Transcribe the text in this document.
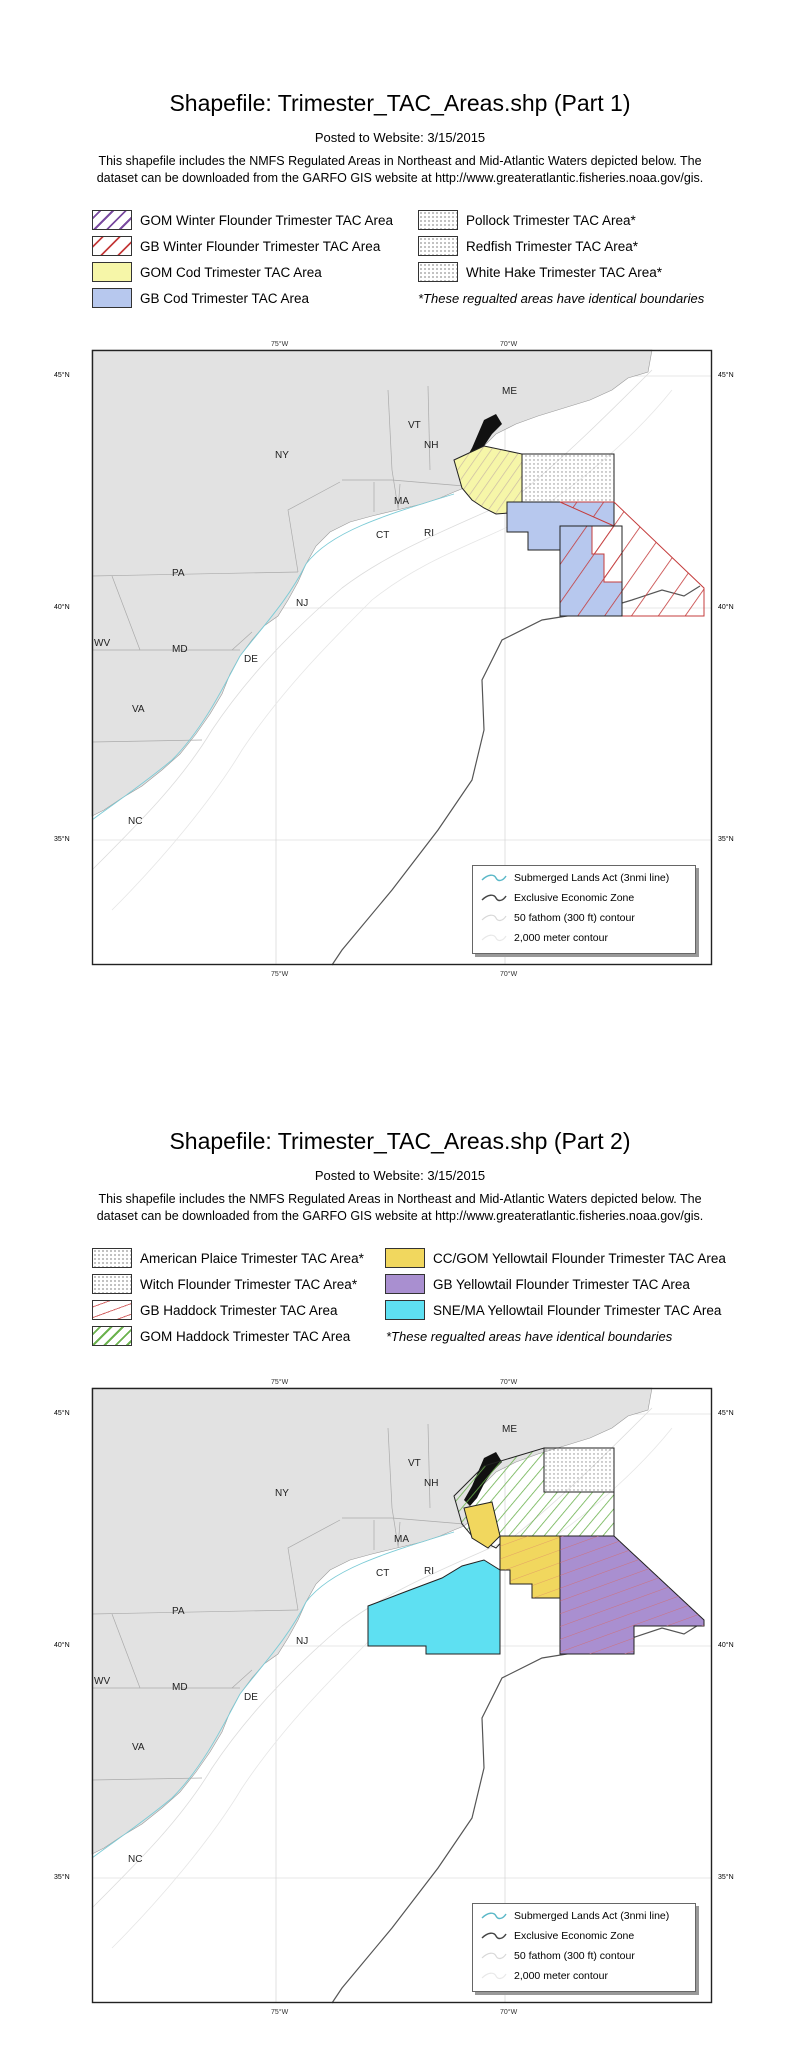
Shapefile: Trimester_TAC_Areas.shp (Part 1)
Posted to Website: 3/15/2015
This shapefile includes the NMFS Regulated Areas in Northeast and Mid-Atlantic Waters depicted below. The
dataset can be downloaded from the GARFO GIS website at http://www.greateratlantic.fisheries.noaa.gov/gis.
GOM Winter Flounder Trimester TAC Area
GB Winter Flounder Trimester TAC Area
GOM Cod Trimester TAC Area
GB Cod Trimester TAC Area
Pollock Trimester TAC Area*
Redfish Trimester TAC Area*
White Hake Trimester TAC Area*
*These regualted areas have identical boundaries
75°W	70°W
75°W	70°W
ME
VT
NH
NY
MA
CT	RI
PA
NJ
WV
MD
DE
VA
NC
45°N
40°N
35°N
45°N
40°N
35°N
Submerged Lands Act (3nmi line)
Exclusive Economic Zone
50 fathom (300 ft) contour
2,000 meter contour
Shapefile: Trimester_TAC_Areas.shp (Part 2)
Posted to Website: 3/15/2015
This shapefile includes the NMFS Regulated Areas in Northeast and Mid-Atlantic Waters depicted below. The
dataset can be downloaded from the GARFO GIS website at http://www.greateratlantic.fisheries.noaa.gov/gis.
American Plaice Trimester TAC Area*
Witch Flounder Trimester TAC Area*
GB Haddock Trimester TAC Area
GOM Haddock Trimester TAC Area
CC/GOM Yellowtail Flounder Trimester TAC Area
GB Yellowtail Flounder Trimester TAC Area
SNE/MA Yellowtail Flounder Trimester TAC Area
*These regualted areas have identical boundaries
75°W	70°W
75°W	70°W
ME
VT
NH
NY
MA
CT	RI
PA
NJ
WV
MD
DE
VA
NC
45°N
40°N
35°N
45°N
40°N
35°N
Submerged Lands Act (3nmi line)
Exclusive Economic Zone
50 fathom (300 ft) contour
2,000 meter contour
